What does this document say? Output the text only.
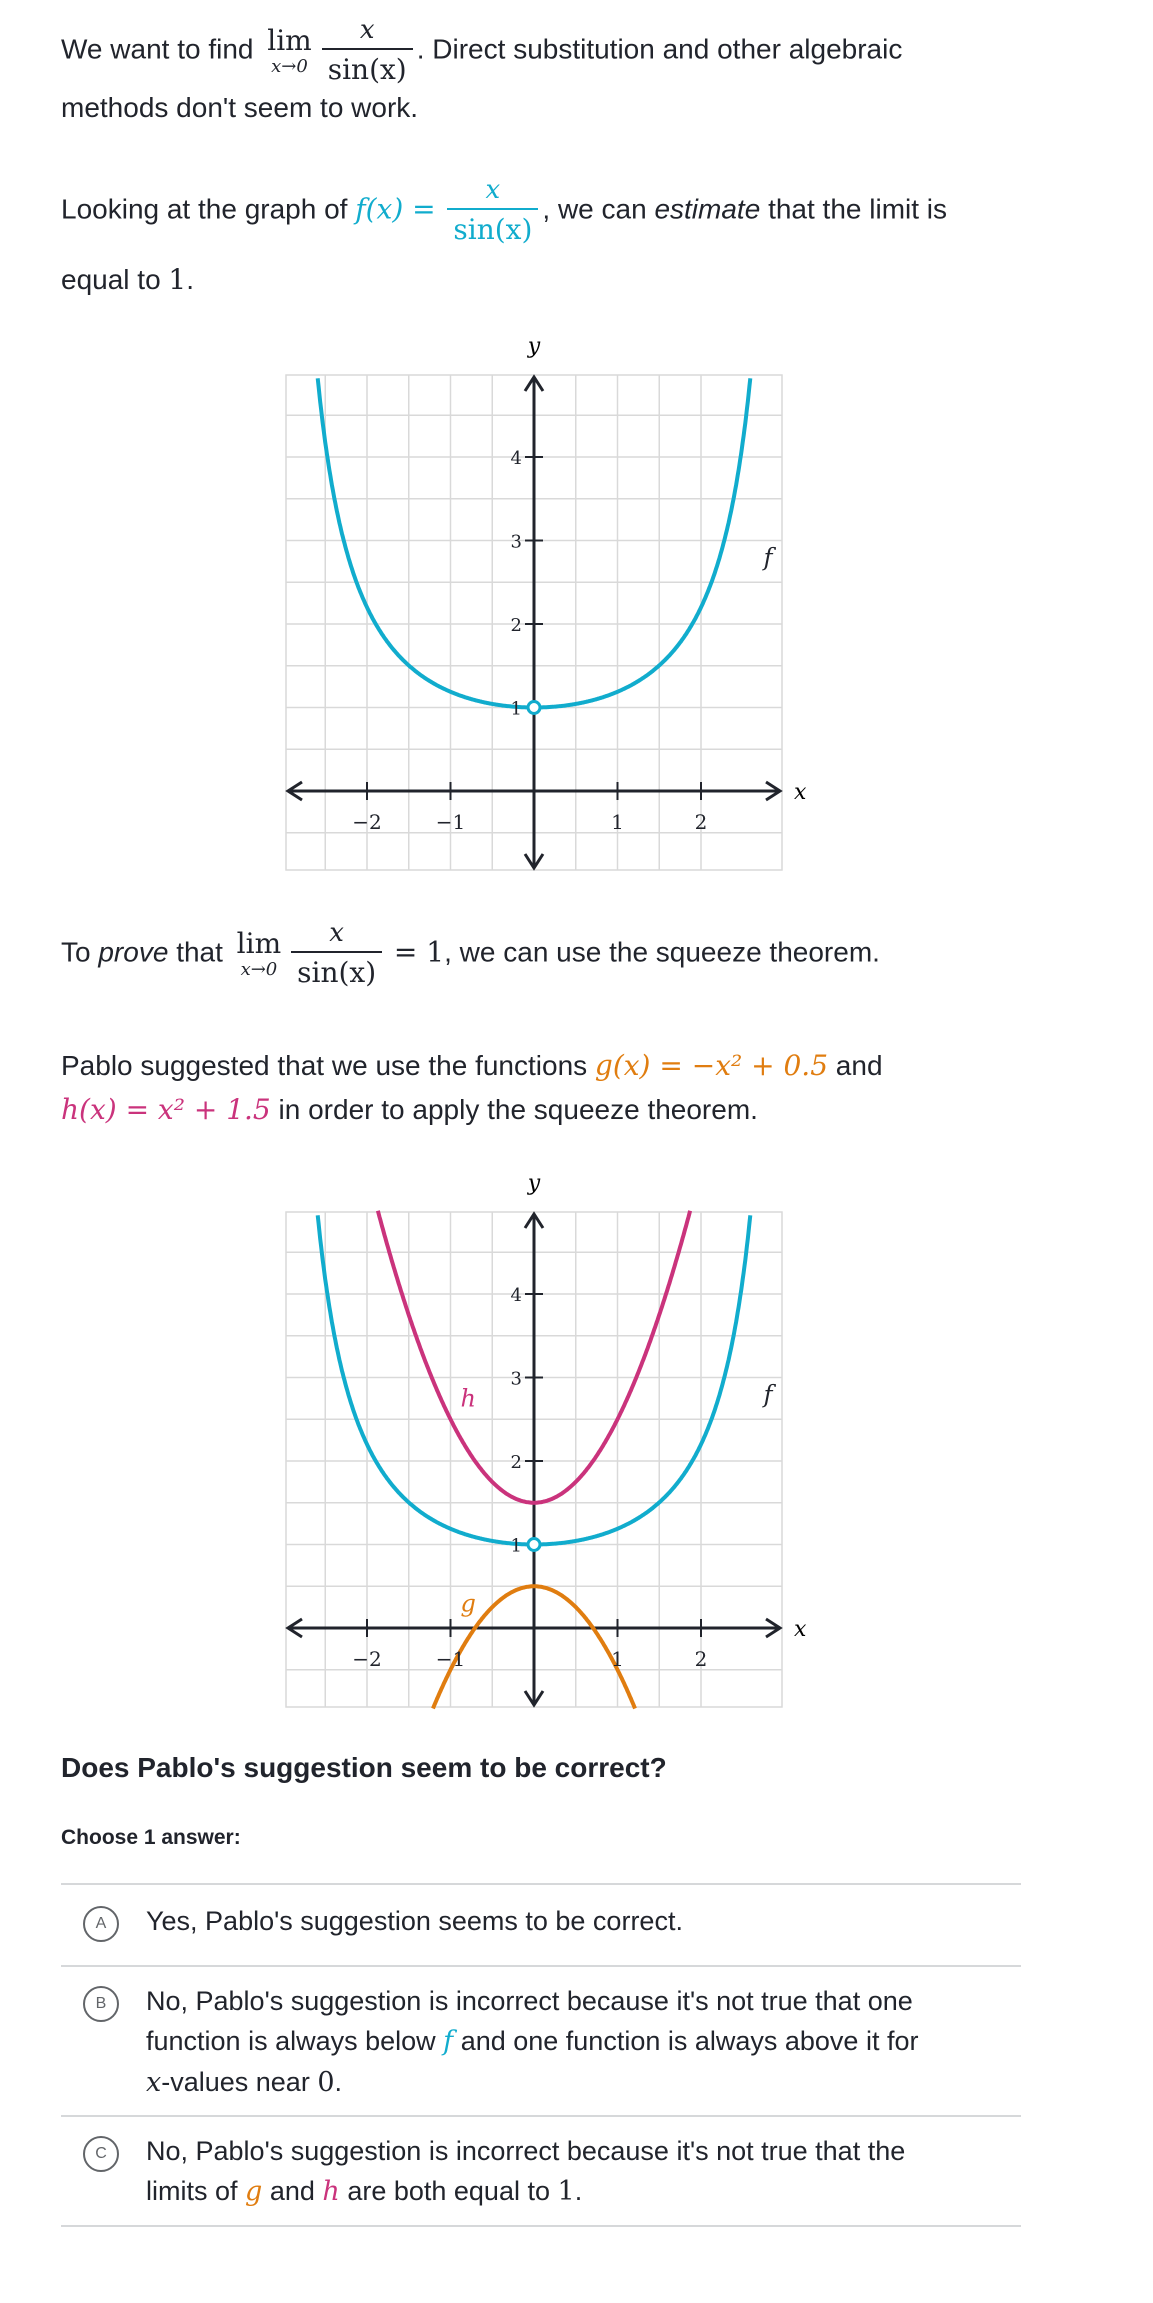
We want to find lim
$x\to 0 \frac{x}{\sin(x)}$ . Direct substitution and other algebraic
methods don't seem to work.
Looking at the graph of $f(x) = \frac{x}{\sin(x)}$ , we can estimate that the limit is
equal to 1.
y
x
f
−2	−1	1	2
1
2
3
4
To prove that lim
$x\to 0 \frac{x}{\sin(x)} = 1$, we can use the squeeze theorem.
Pablo suggested that we use the functions g(x) = −x² + 0.5 and
h(x) = x² + 1.5 in order to apply the squeeze theorem.
y
x
f
g
h
−2	−1	1	2
1
2
3
4
Does Pablo's suggestion seem to be correct?
Choose 1 answer:
A	Yes, Pablo's suggestion seems to be correct.
B	No, Pablo's suggestion is incorrect because it's not true that one
function is always below f and one function is always above it for
x-values near 0.
C	No, Pablo's suggestion is incorrect because it's not true that the
limits of g and h are both equal to 1.
